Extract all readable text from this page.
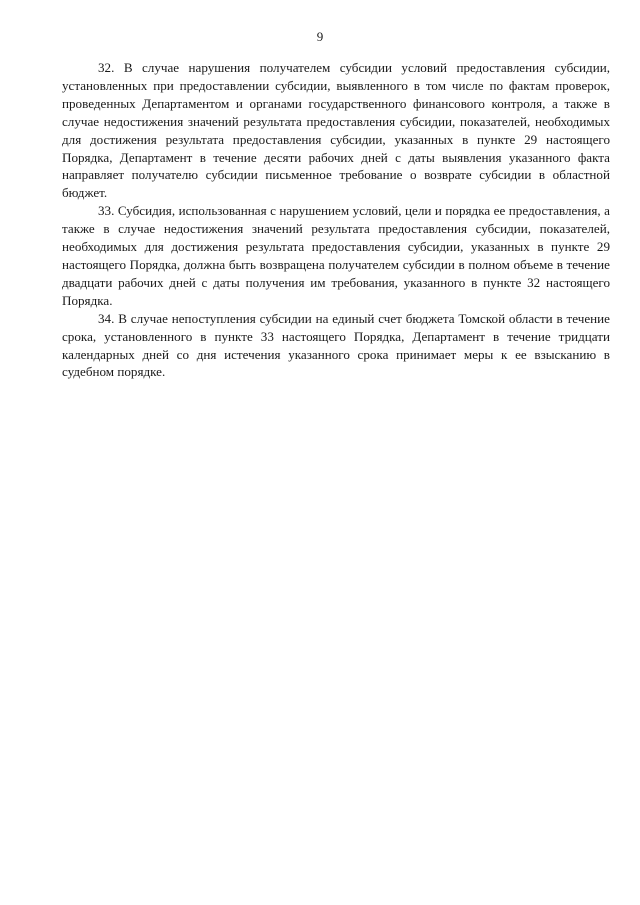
9

32. В случае нарушения получателем субсидии условий предоставления субсидии, установленных при предоставлении субсидии, выявленного в том числе по фактам проверок, проведенных Департаментом и органами государственного финансового контроля, а также в случае недостижения значений результата предоставления субсидии, показателей, необходимых для достижения результата предоставления субсидии, указанных в пункте 29 настоящего Порядка, Департамент в течение десяти рабочих дней с даты выявления указанного факта направляет получателю субсидии письменное требование о возврате субсидии в областной бюджет.

33. Субсидия, использованная с нарушением условий, цели и порядка ее предоставления, а также в случае недостижения значений результата предоставления субсидии, показателей, необходимых для достижения результата предоставления субсидии, указанных в пункте 29 настоящего Порядка, должна быть возвращена получателем субсидии в полном объеме в течение двадцати рабочих дней с даты получения им требования, указанного в пункте 32 настоящего Порядка.

34. В случае непоступления субсидии на единый счет бюджета Томской области в течение срока, установленного в пункте 33 настоящего Порядка, Департамент в течение тридцати календарных дней со дня истечения указанного срока принимает меры к ее взысканию в судебном порядке.
